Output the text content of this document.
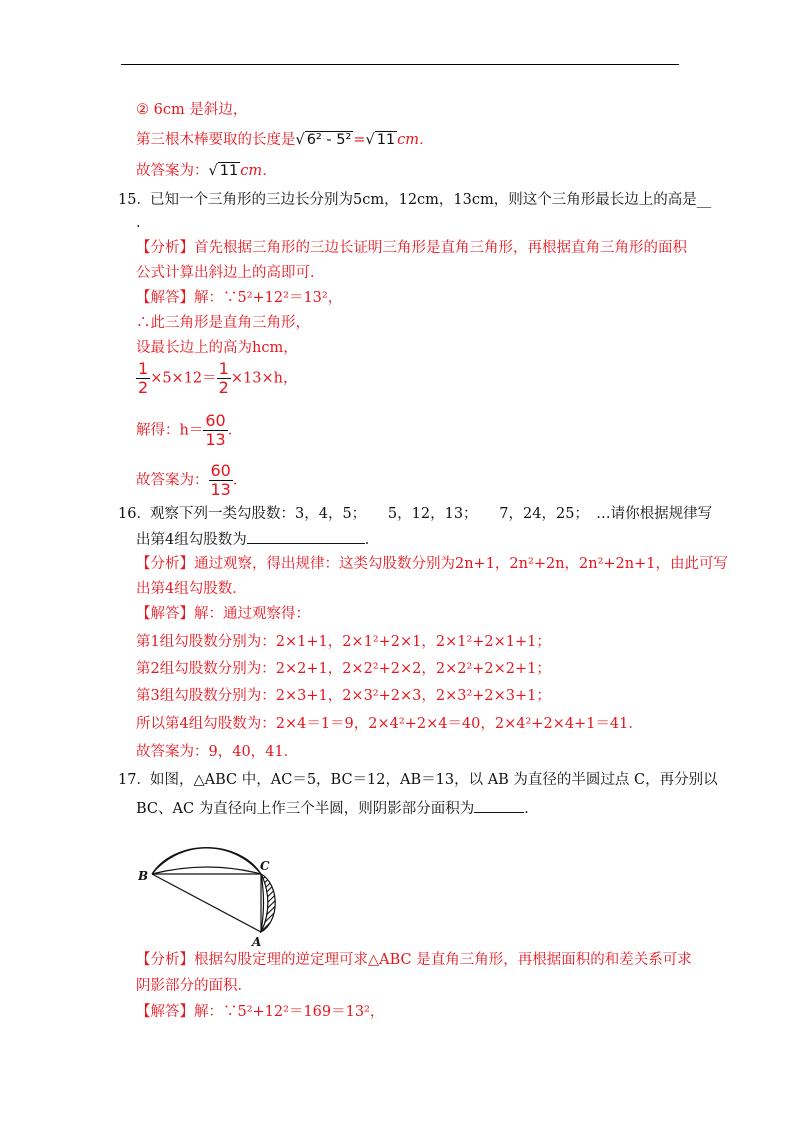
② 6cm 是斜边，
第三根木棒要取的长度是√ 6² - 5² =√ 11 cm．
故答案为：√ 11 cm．
15． 已知一个三角形的三边长分别为5cm，12cm，13cm，则这个三角形最长边上的高是__
．
【分析】首先根据三角形的三边长证明三角形是直角三角形，再根据直角三角形的面积
公式计算出斜边上的高即可．
【解答】解：∵5²+12²＝13²，
∴此三角形是直角三角形，
设最长边上的高为hcm，
$\frac{1}{2} \times 5\times 12= \frac{1}{2} \times 13\times h$，
解得：$h= \frac{60}{13}$ ．
故答案为： $\frac{60}{13}$ ．
16． 观察下列一类勾股数：3，4，5；　　5，12，13；　　7，24，25；　…请你根据规律写
出第4组勾股数为	．
【分析】通过观察，得出规律：这类勾股数分别为2n+1，2n²+2n，2n²+2n+1，由此可写
出第4组勾股数．
【解答】解：通过观察得：
第1组勾股数分别为：2×1+1，2×1²+2×1，2×1²+2×1+1；
第2组勾股数分别为：2×2+1，2×2²+2×2，2×2²+2×2+1；
第3组勾股数分别为：2×3+1，2×3²+2×3，2×3²+2×3+1；
所以第4组勾股数为：2×4＝1＝9，2×4²+2×4＝40，2×4²+2×4+1＝41．
故答案为：9，40，41．
17． 如图，△ABC 中，AC＝5，BC＝12，AB＝13，以 AB 为直径的半圆过点 C，再分别以
BC、AC 为直径向上作三个半圆，则阴影部分面积为	．
B
C
A
【分析】根据勾股定理的逆定理可求△ABC 是直角三角形，再根据面积的和差关系可求
阴影部分的面积．
【解答】解：∵5²+12²＝169＝13²，
